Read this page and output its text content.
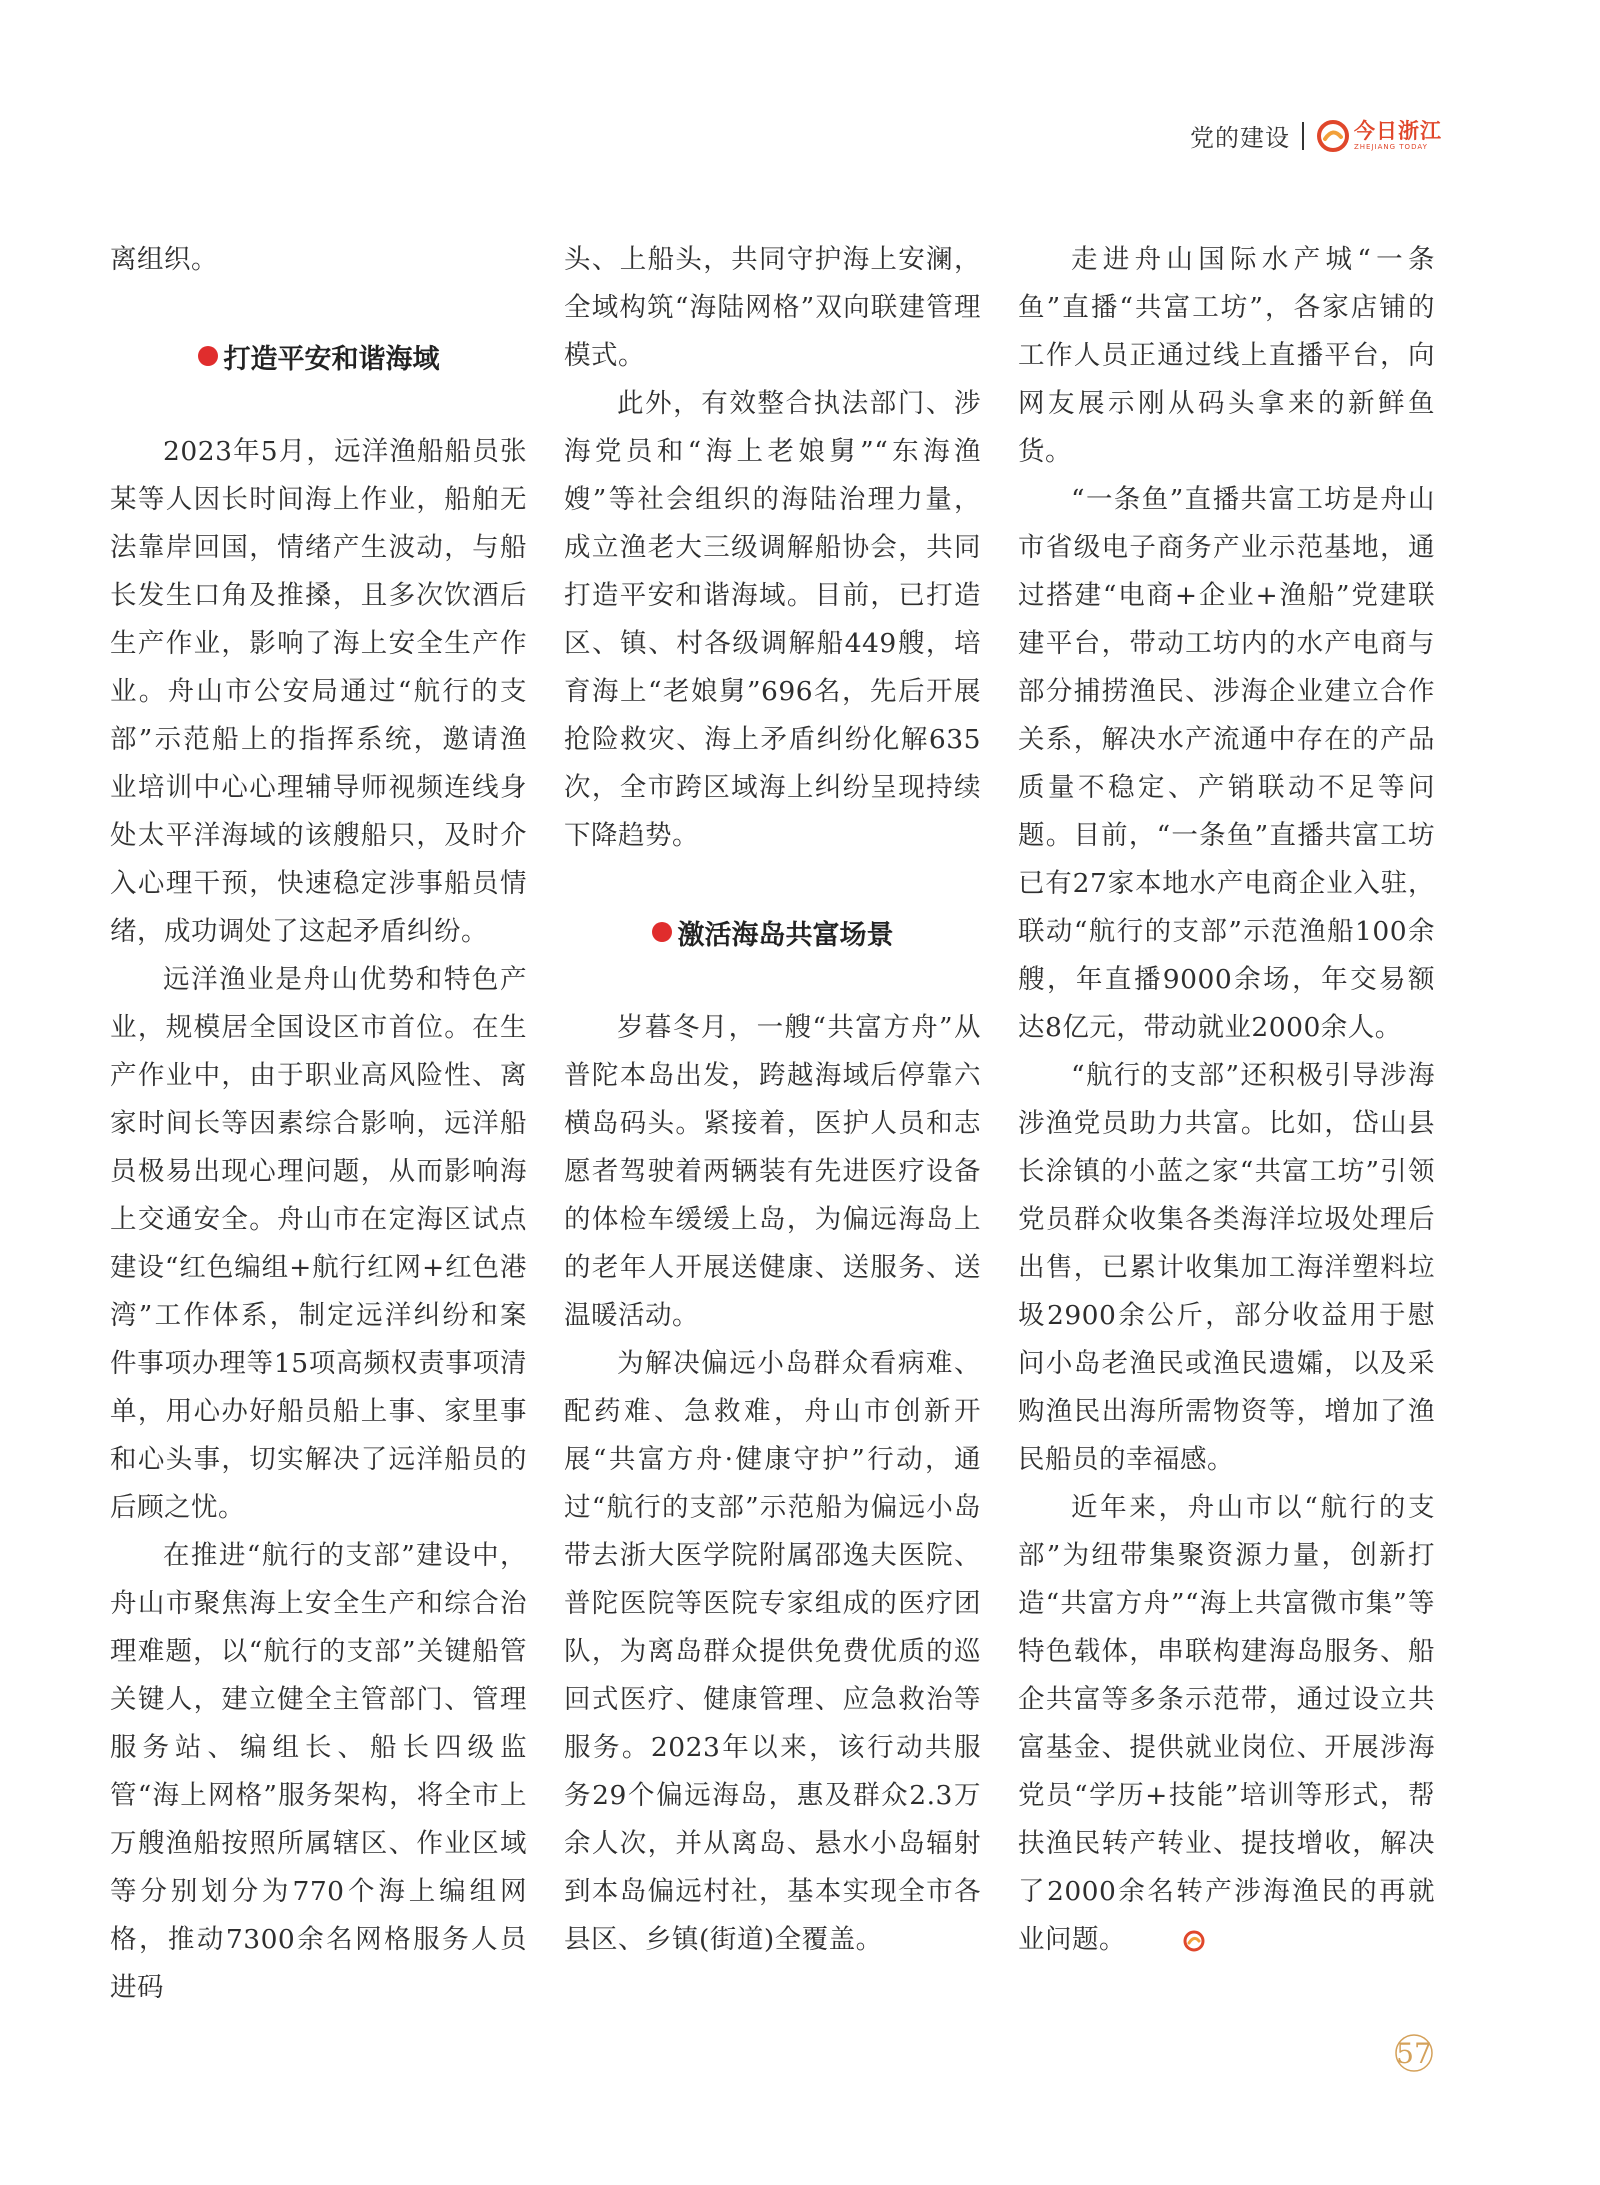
党的建设	今日浙江
ZHEJIANG TODAY

离组织。

打造平安和谐海域

2023年5月，远洋渔船船员张某等人因长时间海上作业，船舶无法靠岸回国，情绪产生波动，与船长发生口角及推搡，且多次饮酒后生产作业，影响了海上安全生产作业。舟山市公安局通过“航行的支部”示范船上的指挥系统，邀请渔业培训中心心理辅导师视频连线身处太平洋海域的该艘船只，及时介入心理干预，快速稳定涉事船员情绪，成功调处了这起矛盾纠纷。

远洋渔业是舟山优势和特色产业，规模居全国设区市首位。在生产作业中，由于职业高风险性、离家时间长等因素综合影响，远洋船员极易出现心理问题，从而影响海上交通安全。舟山市在定海区试点建设“红色编组+航行红网+红色港湾”工作体系，制定远洋纠纷和案件事项办理等15项高频权责事项清单，用心办好船员船上事、家里事和心头事，切实解决了远洋船员的后顾之忧。

在推进“航行的支部”建设中，舟山市聚焦海上安全生产和综合治理难题，以“航行的支部”关键船管关键人，建立健全主管部门、管理服务站、编组长、船长四级监管“海上网格”服务架构，将全市上万艘渔船按照所属辖区、作业区域等分别划分为770个海上编组网格，推动7300余名网格服务人员进码

头、上船头，共同守护海上安澜，全域构筑“海陆网格”双向联建管理模式。

此外，有效整合执法部门、涉海党员和“海上老娘舅”“东海渔嫂”等社会组织的海陆治理力量，成立渔老大三级调解船协会，共同打造平安和谐海域。目前，已打造区、镇、村各级调解船449艘，培育海上“老娘舅”696名，先后开展抢险救灾、海上矛盾纠纷化解635次，全市跨区域海上纠纷呈现持续下降趋势。

激活海岛共富场景

岁暮冬月，一艘“共富方舟”从普陀本岛出发，跨越海域后停靠六横岛码头。紧接着，医护人员和志愿者驾驶着两辆装有先进医疗设备的体检车缓缓上岛，为偏远海岛上的老年人开展送健康、送服务、送温暖活动。

为解决偏远小岛群众看病难、配药难、急救难，舟山市创新开展“共富方舟·健康守护”行动，通过“航行的支部”示范船为偏远小岛带去浙大医学院附属邵逸夫医院、普陀医院等医院专家组成的医疗团队，为离岛群众提供免费优质的巡回式医疗、健康管理、应急救治等服务。2023年以来，该行动共服务29个偏远海岛，惠及群众2.3万余人次，并从离岛、悬水小岛辐射到本岛偏远村社，基本实现全市各县区、乡镇(街道)全覆盖。

走进舟山国际水产城“一条鱼”直播“共富工坊”，各家店铺的工作人员正通过线上直播平台，向网友展示刚从码头拿来的新鲜鱼货。

“一条鱼”直播共富工坊是舟山市省级电子商务产业示范基地，通过搭建“电商+企业+渔船”党建联建平台，带动工坊内的水产电商与部分捕捞渔民、涉海企业建立合作关系，解决水产流通中存在的产品质量不稳定、产销联动不足等问题。目前，“一条鱼”直播共富工坊已有27家本地水产电商企业入驻，联动“航行的支部”示范渔船100余艘，年直播9000余场，年交易额达8亿元，带动就业2000余人。

“航行的支部”还积极引导涉海涉渔党员助力共富。比如，岱山县长涂镇的小蓝之家“共富工坊”引领党员群众收集各类海洋垃圾处理后出售，已累计收集加工海洋塑料垃圾2900余公斤，部分收益用于慰问小岛老渔民或渔民遗孀，以及采购渔民出海所需物资等，增加了渔民船员的幸福感。

近年来，舟山市以“航行的支部”为纽带集聚资源力量，创新打造“共富方舟”“海上共富微市集”等特色载体，串联构建海岛服务、船企共富等多条示范带，通过设立共富基金、提供就业岗位、开展涉海党员“学历+技能”培训等形式，帮扶渔民转产转业、提技增收，解决了2000余名转产涉海渔民的再就业问题。

57
